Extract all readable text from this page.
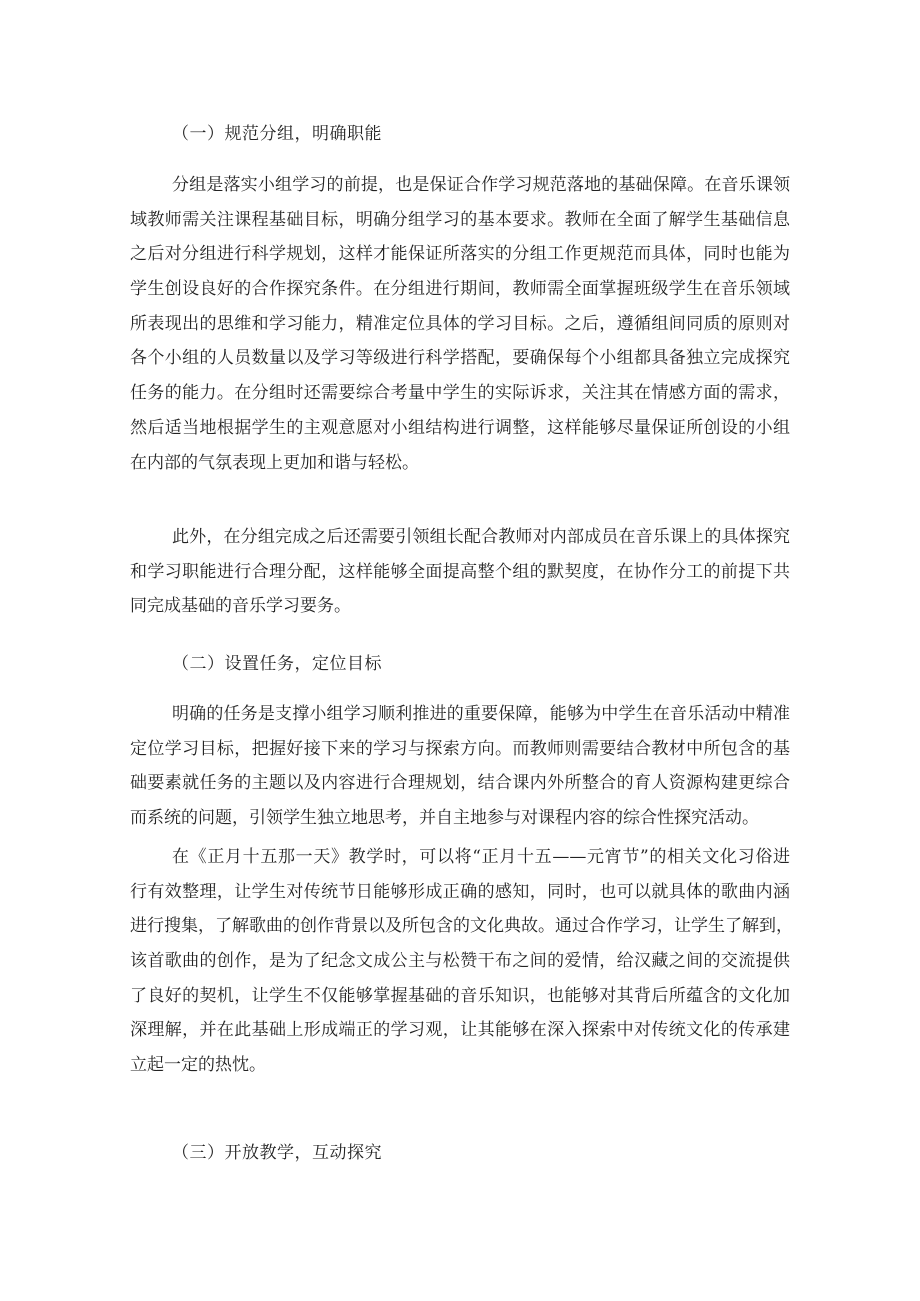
（一）规范分组，明确职能
分组是落实小组学习的前提，也是保证合作学习规范落地的基础保障。在音乐课领
域教师需关注课程基础目标，明确分组学习的基本要求。教师在全面了解学生基础信息
之后对分组进行科学规划，这样才能保证所落实的分组工作更规范而具体，同时也能为
学生创设良好的合作探究条件。在分组进行期间，教师需全面掌握班级学生在音乐领域
所表现出的思维和学习能力，精准定位具体的学习目标。之后，遵循组间同质的原则对
各个小组的人员数量以及学习等级进行科学搭配，要确保每个小组都具备独立完成探究
任务的能力。在分组时还需要综合考量中学生的实际诉求，关注其在情感方面的需求，
然后适当地根据学生的主观意愿对小组结构进行调整，这样能够尽量保证所创设的小组
在内部的气氛表现上更加和谐与轻松。
此外，在分组完成之后还需要引领组长配合教师对内部成员在音乐课上的具体探究
和学习职能进行合理分配，这样能够全面提高整个组的默契度，在协作分工的前提下共
同完成基础的音乐学习要务。
（二）设置任务，定位目标
明确的任务是支撑小组学习顺利推进的重要保障，能够为中学生在音乐活动中精准
定位学习目标，把握好接下来的学习与探索方向。而教师则需要结合教材中所包含的基
础要素就任务的主题以及内容进行合理规划，结合课内外所整合的育人资源构建更综合
而系统的问题，引领学生独立地思考，并自主地参与对课程内容的综合性探究活动。
在《正月十五那一天》教学时，可以将“正月十五——元宵节”的相关文化习俗进
行有效整理，让学生对传统节日能够形成正确的感知，同时，也可以就具体的歌曲内涵
进行搜集，了解歌曲的创作背景以及所包含的文化典故。通过合作学习，让学生了解到，
该首歌曲的创作，是为了纪念文成公主与松赞干布之间的爱情，给汉藏之间的交流提供
了良好的契机，让学生不仅能够掌握基础的音乐知识，也能够对其背后所蕴含的文化加
深理解，并在此基础上形成端正的学习观，让其能够在深入探索中对传统文化的传承建
立起一定的热忱。
（三）开放教学，互动探究
